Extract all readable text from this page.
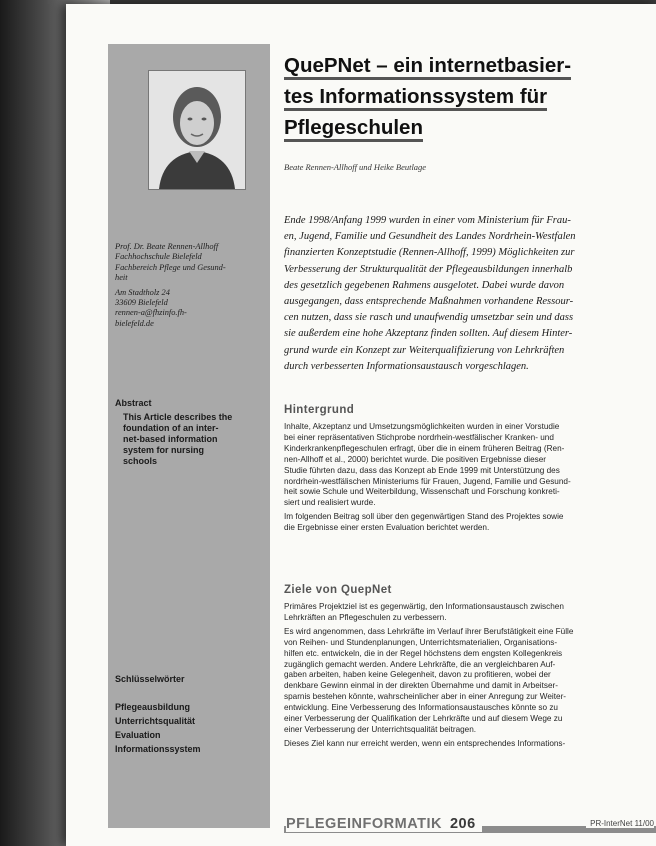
Prof. Dr. Beate Rennen-Allhoff
Fachhochschule Bielefeld
Fachbereich Pflege und Gesund-
heit
Am Stadtholz 24
33609 Bielefeld
rennen-a@fhzinfo.fh-
bielefeld.de
Abstract
This Article describes the
foundation of an inter-
net-based information
system for nursing
schools
Schlüsselwörter
Pflegeausbildung
Unterrichtsqualität
Evaluation
Informationssystem
QuePNet – ein internetbasier-
tes Informationssystem für
Pflegeschulen
Beate Rennen-Allhoff und Heike Beutlage
Ende 1998/Anfang 1999 wurden in einer vom Ministerium für Frau-
en, Jugend, Familie und Gesundheit des Landes Nordrhein-Westfalen
finanzierten Konzeptstudie (Rennen-Allhoff, 1999) Möglichkeiten zur
Verbesserung der Strukturqualität der Pflegeausbildungen innerhalb
des gesetzlich gegebenen Rahmens ausgelotet. Dabei wurde davon
ausgegangen, dass entsprechende Maßnahmen vorhandene Ressour-
cen nutzen, dass sie rasch und unaufwendig umsetzbar sein und dass
sie außerdem eine hohe Akzeptanz finden sollten. Auf diesem Hinter-
grund wurde ein Konzept zur Weiterqualifizierung von Lehrkräften
durch verbesserten Informationsaustausch vorgeschlagen.
Hintergrund
Inhalte, Akzeptanz und Umsetzungsmöglichkeiten wurden in einer Vorstudie
bei einer repräsentativen Stichprobe nordrhein-westfälischer Kranken- und
Kinderkrankenpflegeschulen erfragt, über die in einem früheren Beitrag (Ren-
nen-Allhoff et al., 2000) berichtet wurde. Die positiven Ergebnisse dieser
Studie führten dazu, dass das Konzept ab Ende 1999 mit Unterstützung des
nordrhein-westfälischen Ministeriums für Frauen, Jugend, Familie und Gesund-
heit sowie Schule und Weiterbildung, Wissenschaft und Forschung konkreti-
siert und realisiert wurde.
Im folgenden Beitrag soll über den gegenwärtigen Stand des Projektes sowie
die Ergebnisse einer ersten Evaluation berichtet werden.
Ziele von QuepNet
Primäres Projektziel ist es gegenwärtig, den Informationsaustausch zwischen
Lehrkräften an Pflegeschulen zu verbessern.
Es wird angenommen, dass Lehrkräfte im Verlauf ihrer Berufstätigkeit eine Fülle
von Reihen- und Stundenplanungen, Unterrichtsmaterialien, Organisations-
hilfen etc. entwickeln, die in der Regel höchstens dem engsten Kollegenkreis
zugänglich gemacht werden. Andere Lehrkräfte, die an vergleichbaren Auf-
gaben arbeiten, haben keine Gelegenheit, davon zu profitieren, wobei der
denkbare Gewinn einmal in der direkten Übernahme und damit in Arbeitser-
sparnis bestehen könnte, wahrscheinlicher aber in einer Anregung zur Weiter-
entwicklung. Eine Verbesserung des Informationsaustausches könnte so zu
einer Verbesserung der Qualifikation der Lehrkräfte und auf diesem Wege zu
einer Verbesserung der Unterrichtsqualität beitragen.
Dieses Ziel kann nur erreicht werden, wenn ein entsprechendes Informations-
PFLEGEINFORMATIK 206	PR-InterNet 11/00
